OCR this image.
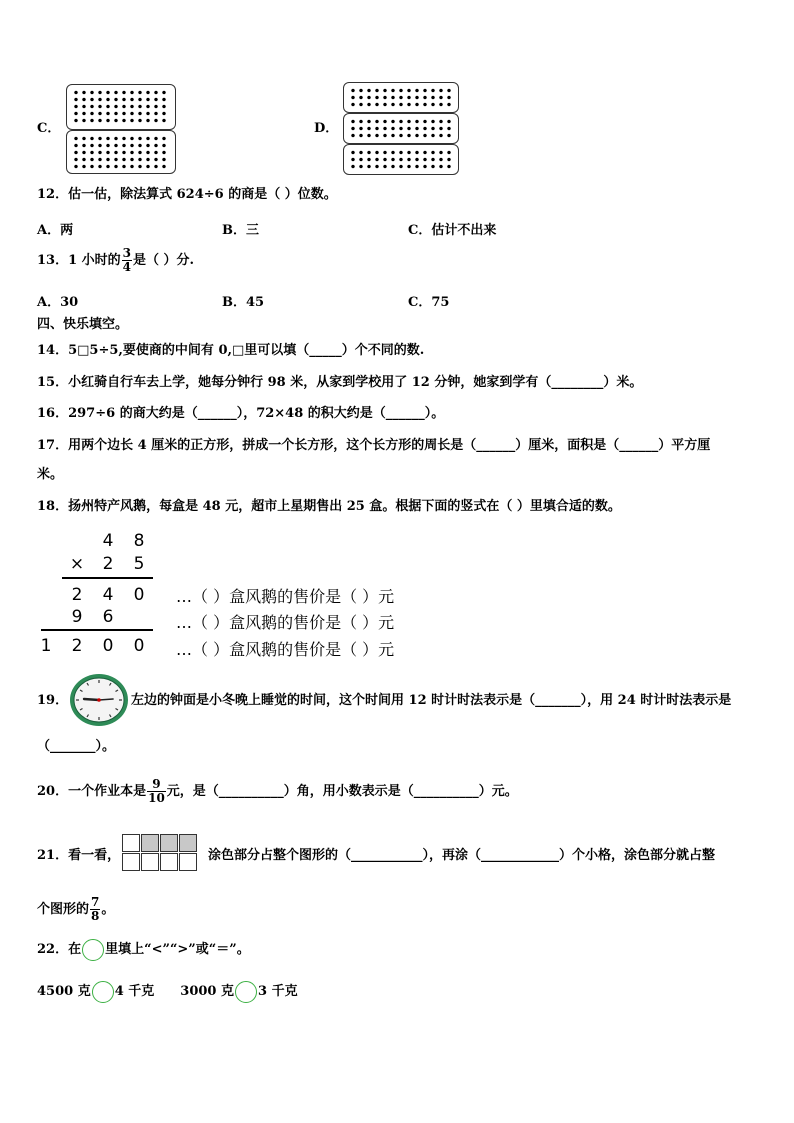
C．	D．
12．估一估，除法算式 624÷6 的商是（ ）位数。
A．两	B．三	C．估计不出来
13．1 小时的 $\frac{3}{4}$ 是（ ）分.
A．30	B．45	C．75
四、快乐填空。
14．5□5÷5,要使商的中间有 0,□里可以填（_____）个不同的数.
15．小红骑自行车去上学，她每分钟行 98 米，从家到学校用了 12 分钟，她家到学有（________）米。
16．297÷6 的商大约是（______），72×48 的积大约是（______）。
17．用两个边长 4 厘米的正方形，拼成一个长方形，这个长方形的周长是（______）厘米，面积是（______）平方厘
米。
18．扬州特产风鹅，每盒是 48 元，超市上星期售出 25 盒。根据下面的竖式在（ ）里填合适的数。
4 8
× 2 5
2 4 0
9 6
1 2 0 0
…（ ）盒风鹅的售价是（ ）元
…（ ）盒风鹅的售价是（ ）元
…（ ）盒风鹅的售价是（ ）元
19．	左边的钟面是小冬晚上睡觉的时间，这个时间用 12 时计时法表示是（_______），用 24 时计时法表示是
（_______）。
20．一个作业本是 $\frac{9}{10}$ 元，是（__________）角，用小数表示是（__________）元。
21．看一看，	涂色部分占整个图形的（___________），再涂（____________）个小格，涂色部分就占整
个图形的 $\frac{7}{8}$ 。
22．在 里填上“<”“>”或“＝”。
4500 克 4 千克 3000 克 3 千克
